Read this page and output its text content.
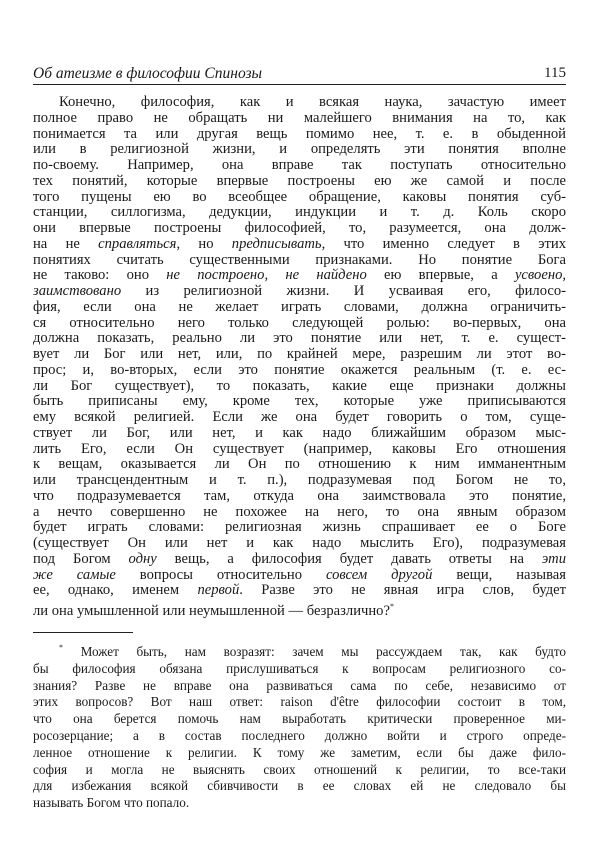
Об атеизме в философии Спинозы	115
Конечно, философия, как и всякая наука, зачастую имеет
полное право не обращать ни малейшего внимания на то, как
понимается та или другая вещь помимо нее, т. е. в обыденной
или в религиозной жизни, и определять эти понятия вполне
по-своему. Например, она вправе так поступать относительно
тех понятий, которые впервые построены ею же самой и после
того пущены ею во всеобщее обращение, каковы понятия суб-
станции, силлогизма, дедукции, индукции и т. д. Коль скоро
они впервые построены философией, то, разумеется, она долж-
на не справляться, но предписывать, что именно следует в этих
понятиях считать существенными признаками. Но понятие Бога
не таково: оно не построено, не найдено ею впервые, а усвоено,
заимствовано из религиозной жизни. И усваивая его, филосо-
фия, если она не желает играть словами, должна ограничить-
ся относительно него только следующей ролью: во-первых, она
должна показать, реально ли это понятие или нет, т. е. сущест-
вует ли Бог или нет, или, по крайней мере, разрешим ли этот во-
прос; и, во-вторых, если это понятие окажется реальным (т. е. ес-
ли Бог существует), то показать, какие еще признаки должны
быть приписаны ему, кроме тех, которые уже приписываются
ему всякой религией. Если же она будет говорить о том, суще-
ствует ли Бог, или нет, и как надо ближайшим образом мыс-
лить Его, если Он существует (например, каковы Его отношения
к вещам, оказывается ли Он по отношению к ним имманентным
или трансцендентным и т. п.), подразумевая под Богом не то,
что подразумевается там, откуда она заимствовала это понятие,
а нечто совершенно не похожее на него, то она явным образом
будет играть словами: религиозная жизнь спрашивает ее о Боге
(существует Он или нет и как надо мыслить Его), подразумевая
под Богом одну вещь, а философия будет давать ответы на эти
же самые вопросы относительно совсем другой вещи, называя
ее, однако, именем первой. Разве это не явная игра слов, будет
ли она умышленной или неумышленной — безразлично?*
* Может быть, нам возразят: зачем мы рассуждаем так, как будто
бы философия обязана прислушиваться к вопросам религиозного со-
знания? Разве не вправе она развиваться сама по себе, независимо от
этих вопросов? Вот наш ответ: raison d'être философии состоит в том,
что она берется помочь нам выработать критически проверенное ми-
росозерцание; а в состав последнего должно войти и строго опреде-
ленное отношение к религии. К тому же заметим, если бы даже фило-
софия и могла не выяснять своих отношений к религии, то все-таки
для избежания всякой сбивчивости в ее словах ей не следовало бы
называть Богом что попало.
